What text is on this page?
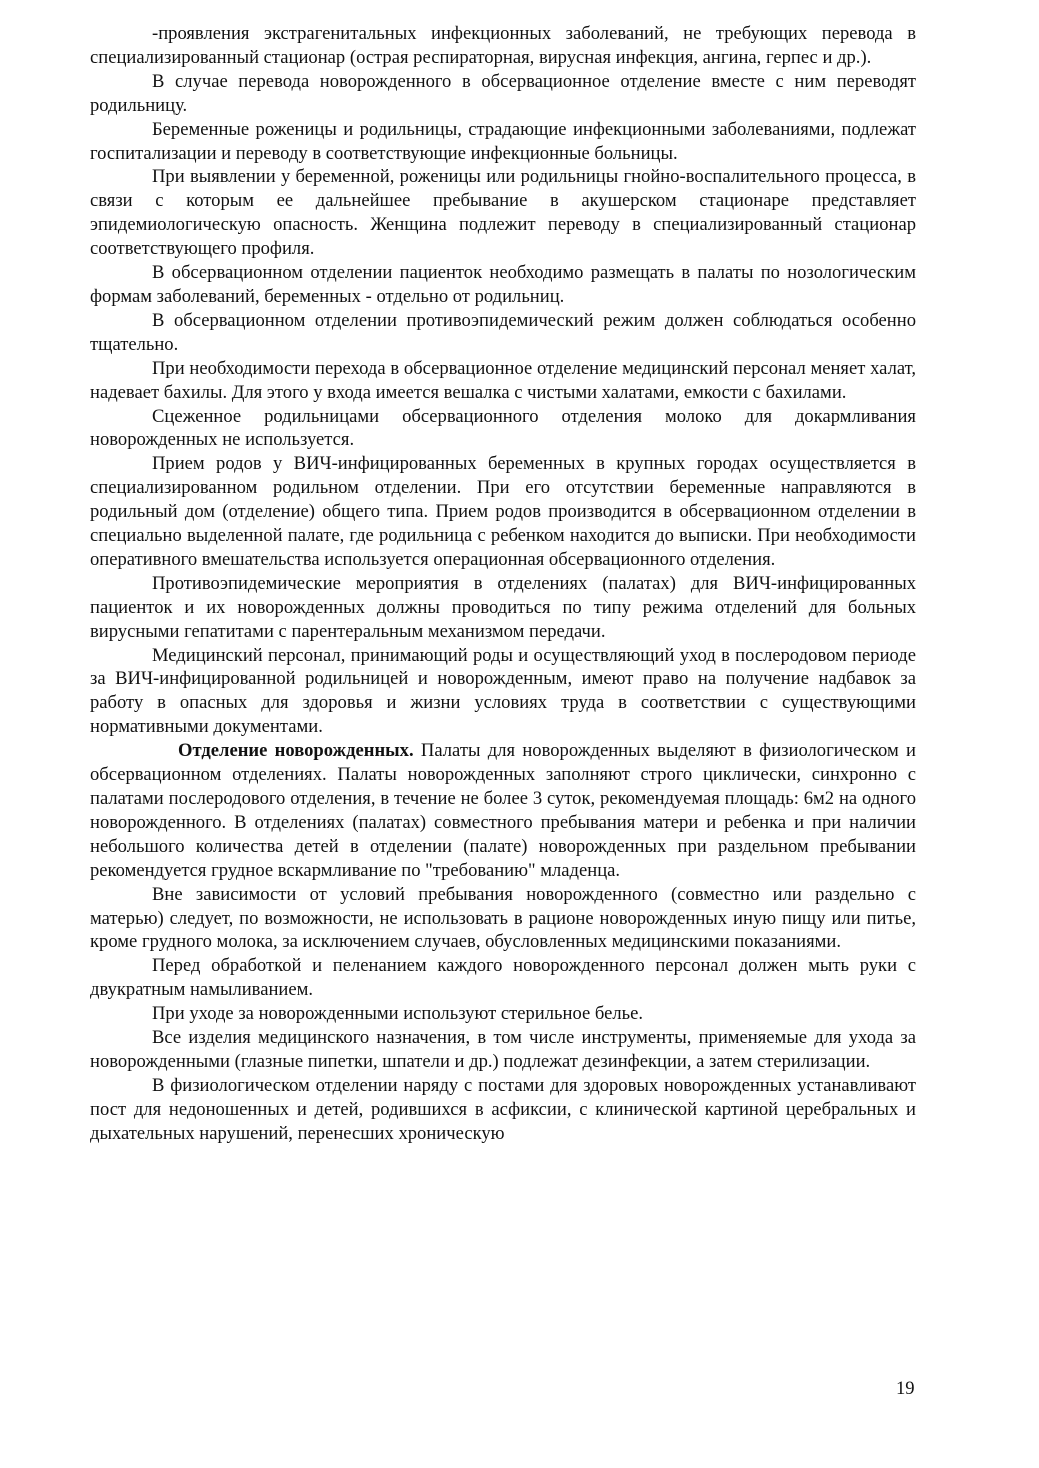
-проявления экстрагенитальных инфекционных заболеваний, не требующих перевода в специализированный стационар (острая респираторная, вирусная инфекция, ангина, герпес и др.).

В случае перевода новорожденного в обсервационное отделение вместе с ним переводят родильницу.

Беременные роженицы и родильницы, страдающие инфекционными заболеваниями, подлежат госпитализации и переводу в соответствующие инфекционные больницы.

При выявлении у беременной, роженицы или родильницы гнойно-воспалительного процесса, в связи с которым ее дальнейшее пребывание в акушерском стационаре представляет эпидемиологическую опасность. Женщина подлежит переводу в специализированный стационар соответствующего профиля.

В обсервационном отделении пациенток необходимо размещать в палаты по нозологическим формам заболеваний, беременных - отдельно от родильниц.

В обсервационном отделении противоэпидемический режим должен соблюдаться особенно тщательно.

При необходимости перехода в обсервационное отделение медицинский персонал меняет халат, надевает бахилы. Для этого у входа имеется вешалка с чистыми халатами, емкости с бахилами.

Сцеженное родильницами обсервационного отделения молоко для докармливания новорожденных не используется.

Прием родов у ВИЧ-инфицированных беременных в крупных городах осуществляется в специализированном родильном отделении. При его отсутствии беременные направляются в родильный дом (отделение) общего типа. Прием родов производится в обсервационном отделении в специально выделенной палате, где родильница с ребенком находится до выписки. При необходимости оперативного вмешательства используется операционная обсервационного отделения.

Противоэпидемические мероприятия в отделениях (палатах) для ВИЧ-инфицированных пациенток и их новорожденных должны проводиться по типу режима отделений для больных вирусными гепатитами с парентеральным механизмом передачи.

Медицинский персонал, принимающий роды и осуществляющий уход в послеродовом периоде за ВИЧ-инфицированной родильницей и новорожденным, имеют право на получение надбавок за работу в опасных для здоровья и жизни условиях труда в соответствии с существующими нормативными документами.

Отделение новорожденных. Палаты для новорожденных выделяют в физиологическом и обсервационном отделениях. Палаты новорожденных заполняют строго циклически, синхронно с палатами послеродового отделения, в течение не более 3 суток, рекомендуемая площадь: 6м2 на одного новорожденного. В отделениях (палатах) совместного пребывания матери и ребенка и при наличии небольшого количества детей в отделении (палате) новорожденных при раздельном пребывании рекомендуется грудное вскармливание по "требованию" младенца.

Вне зависимости от условий пребывания новорожденного (совместно или раздельно с матерью) следует, по возможности, не использовать в рационе новорожденных иную пищу или питье, кроме грудного молока, за исключением случаев, обусловленных медицинскими показаниями.

Перед обработкой и пеленанием каждого новорожденного персонал должен мыть руки с двукратным намыливанием.

При уходе за новорожденными используют стерильное белье.

Все изделия медицинского назначения, в том числе инструменты, применяемые для ухода за новорожденными (глазные пипетки, шпатели и др.) подлежат дезинфекции, а затем стерилизации.

В физиологическом отделении наряду с постами для здоровых новорожденных устанавливают пост для недоношенных и детей, родившихся в асфиксии, с клинической картиной церебральных и дыхательных нарушений, перенесших хроническую

19
